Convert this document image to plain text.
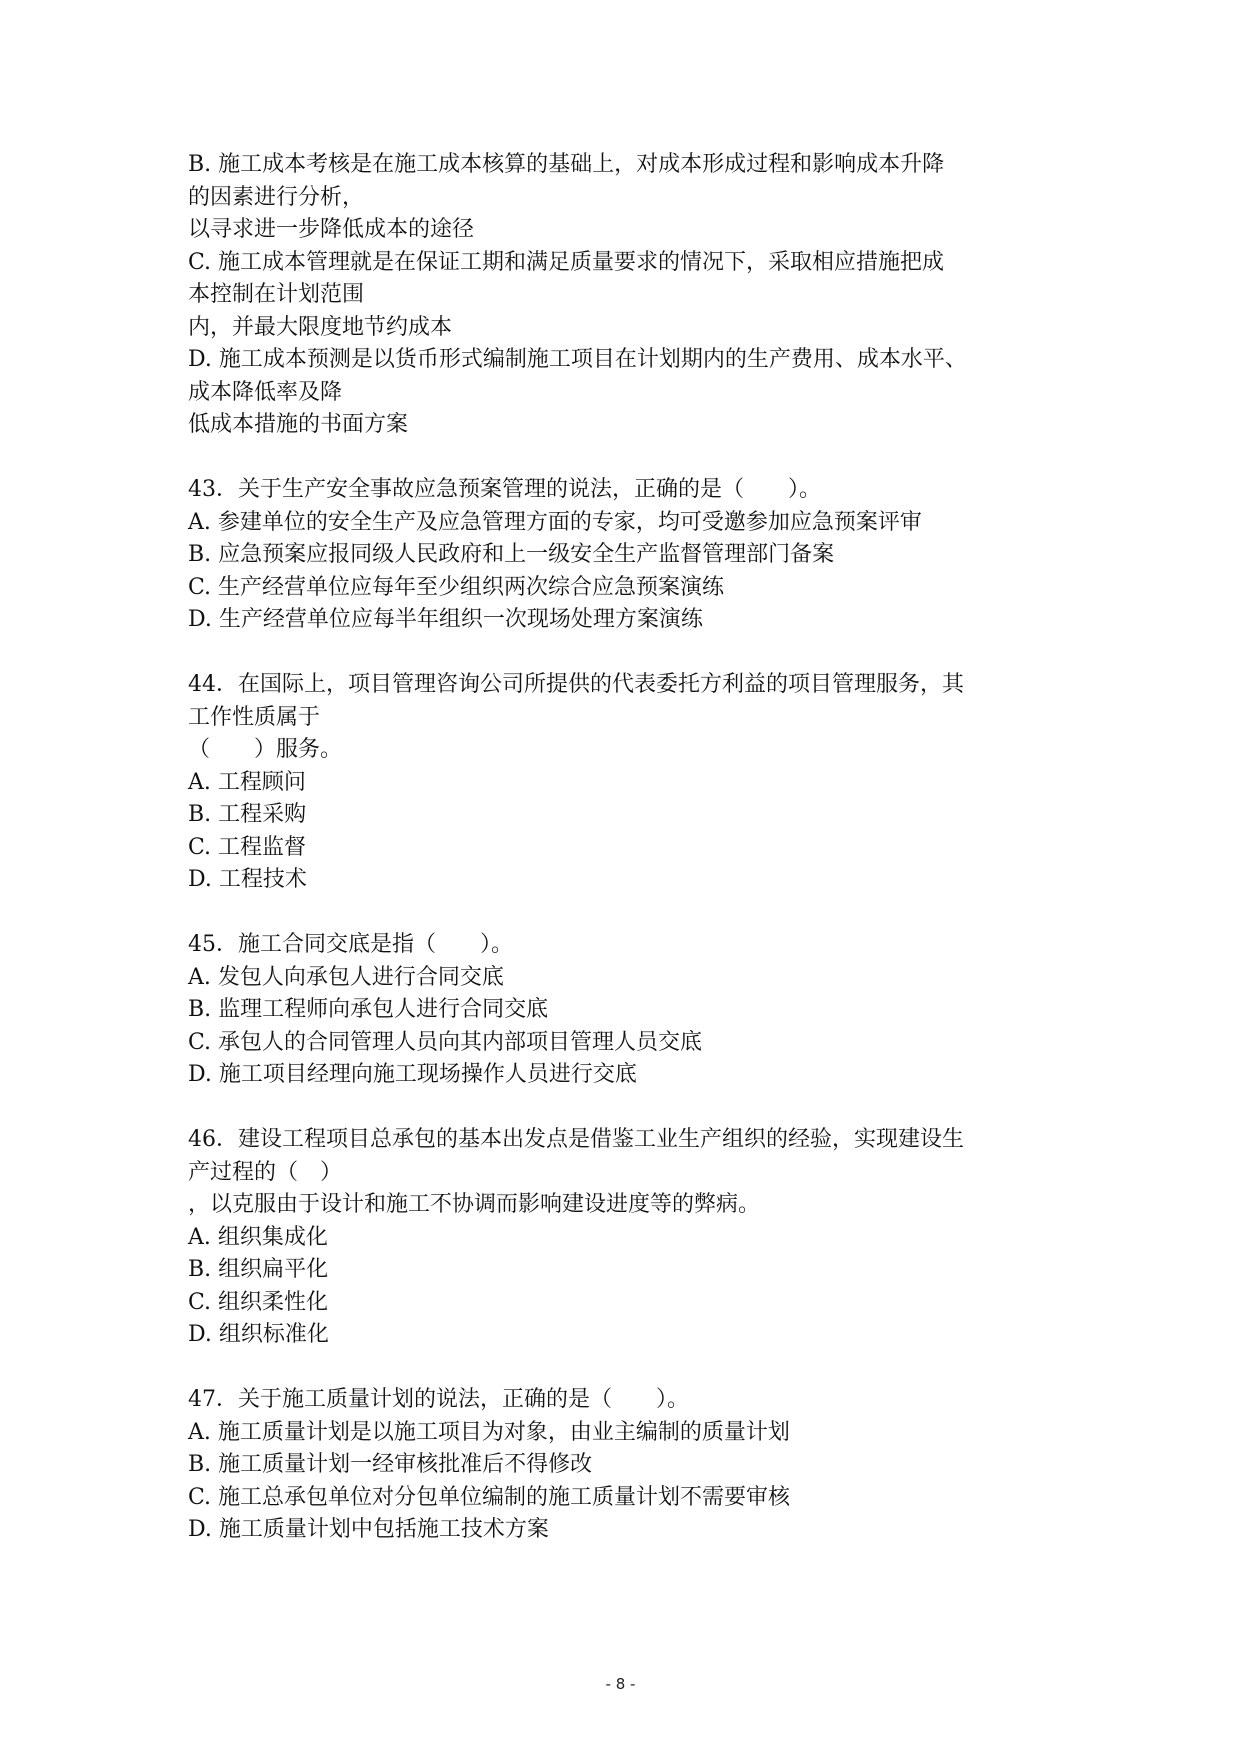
B. 施工成本考核是在施工成本核算的基础上，对成本形成过程和影响成本升降
的因素进行分析，
以寻求进一步降低成本的途径
C. 施工成本管理就是在保证工期和满足质量要求的情况下，采取相应措施把成
本控制在计划范围
内，并最大限度地节约成本
D. 施工成本预测是以货币形式编制施工项目在计划期内的生产费用、成本水平、
成本降低率及降
低成本措施的书面方案
43．关于生产安全事故应急预案管理的说法，正确的是（　　）。
A. 参建单位的安全生产及应急管理方面的专家，均可受邀参加应急预案评审
B. 应急预案应报同级人民政府和上一级安全生产监督管理部门备案
C. 生产经营单位应每年至少组织两次综合应急预案演练
D. 生产经营单位应每半年组织一次现场处理方案演练
44．在国际上，项目管理咨询公司所提供的代表委托方利益的项目管理服务，其
工作性质属于
（　　）服务。
A. 工程顾问
B. 工程采购
C. 工程监督
D. 工程技术
45．施工合同交底是指（　　）。
A. 发包人向承包人进行合同交底
B. 监理工程师向承包人进行合同交底
C. 承包人的合同管理人员向其内部项目管理人员交底
D. 施工项目经理向施工现场操作人员进行交底
46．建设工程项目总承包的基本出发点是借鉴工业生产组织的经验，实现建设生
产过程的（　）
，以克服由于设计和施工不协调而影响建设进度等的弊病。
A. 组织集成化
B. 组织扁平化
C. 组织柔性化
D. 组织标准化
47．关于施工质量计划的说法，正确的是（　　）。
A. 施工质量计划是以施工项目为对象，由业主编制的质量计划
B. 施工质量计划一经审核批准后不得修改
C. 施工总承包单位对分包单位编制的施工质量计划不需要审核
D. 施工质量计划中包括施工技术方案
- 8 -
